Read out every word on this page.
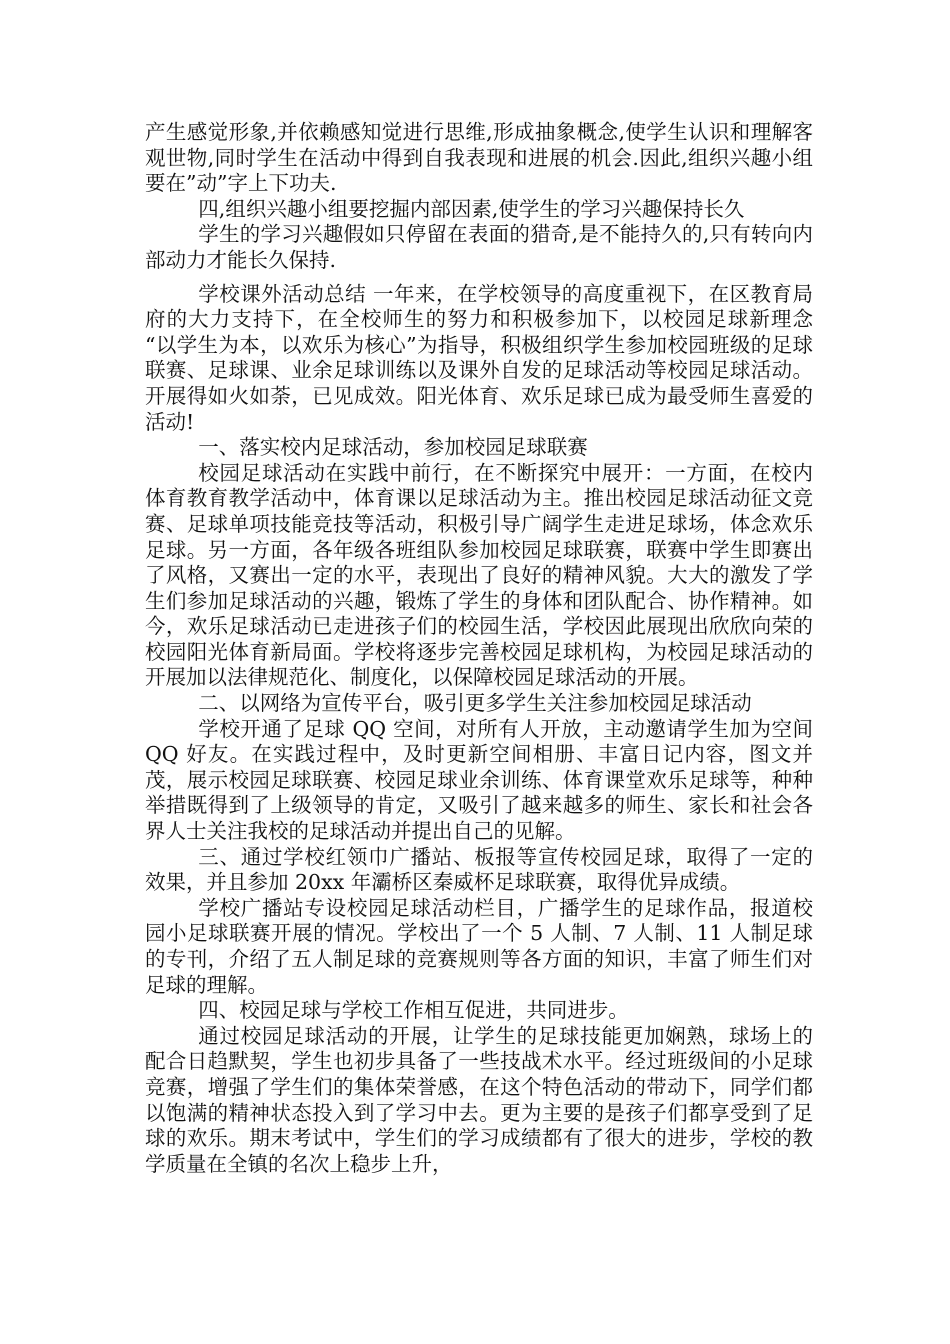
产生感觉形象,并依赖感知觉进行思维,形成抽象概念,使学生认识和理解客观世物,同时学生在活动中得到自我表现和进展的机会.因此,组织兴趣小组要在”动”字上下功夫.

四,组织兴趣小组要挖掘内部因素,使学生的学习兴趣保持长久

学生的学习兴趣假如只停留在表面的猎奇,是不能持久的,只有转向内部动力才能长久保持.

学校课外活动总结 一年来，在学校领导的高度重视下，在区教育局府的大力支持下，在全校师生的努力和积极参加下，以校园足球新理念 “以学生为本，以欢乐为核心”为指导，积极组织学生参加校园班级的足球联赛、足球课、业余足球训练以及课外自发的足球活动等校园足球活动。开展得如火如荼，已见成效。阳光体育、欢乐足球已成为最受师生喜爱的活动!

一、落实校内足球活动，参加校园足球联赛

校园足球活动在实践中前行，在不断探究中展开：一方面，在校内体育教育教学活动中，体育课以足球活动为主。推出校园足球活动征文竞赛、足球单项技能竞技等活动，积极引导广阔学生走进足球场，体念欢乐足球。另一方面，各年级各班组队参加校园足球联赛，联赛中学生即赛出了风格，又赛出一定的水平，表现出了良好的精神风貌。大大的激发了学生们参加足球活动的兴趣，锻炼了学生的身体和团队配合、协作精神。如今，欢乐足球活动已走进孩子们的校园生活，学校因此展现出欣欣向荣的校园阳光体育新局面。学校将逐步完善校园足球机构，为校园足球活动的开展加以法律规范化、制度化，以保障校园足球活动的开展。

二、以网络为宣传平台，吸引更多学生关注参加校园足球活动

学校开通了足球 QQ 空间，对所有人开放，主动邀请学生加为空间 QQ 好友。在实践过程中，及时更新空间相册、丰富日记内容，图文并茂，展示校园足球联赛、校园足球业余训练、体育课堂欢乐足球等，种种举措既得到了上级领导的肯定，又吸引了越来越多的师生、家长和社会各界人士关注我校的足球活动并提出自己的见解。

三、通过学校红领巾广播站、板报等宣传校园足球，取得了一定的效果，并且参加 20xx 年灞桥区秦威杯足球联赛，取得优异成绩。

学校广播站专设校园足球活动栏目，广播学生的足球作品，报道校园小足球联赛开展的情况。学校出了一个 5 人制、7 人制、11 人制足球的专刊，介绍了五人制足球的竞赛规则等各方面的知识，丰富了师生们对足球的理解。

四、校园足球与学校工作相互促进，共同进步。

通过校园足球活动的开展，让学生的足球技能更加娴熟，球场上的配合日趋默契，学生也初步具备了一些技战术水平。经过班级间的小足球竞赛，增强了学生们的集体荣誉感，在这个特色活动的带动下，同学们都以饱满的精神状态投入到了学习中去。更为主要的是孩子们都享受到了足球的欢乐。期末考试中，学生们的学习成绩都有了很大的进步，学校的教学质量在全镇的名次上稳步上升，
